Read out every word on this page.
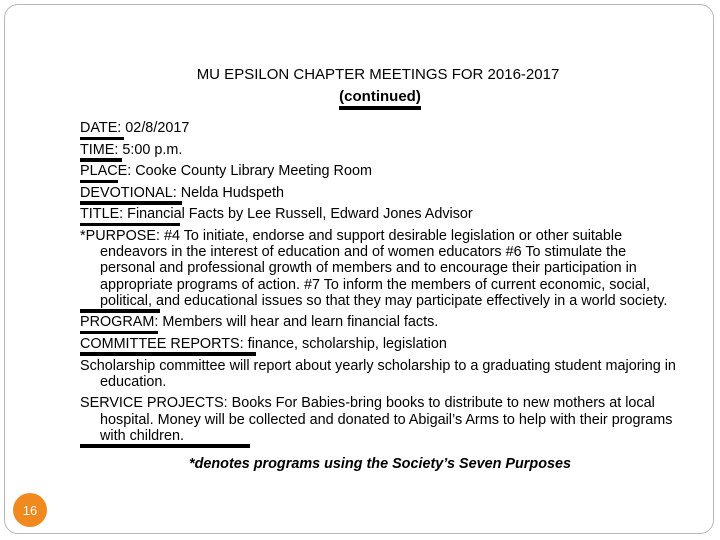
MU EPSILON CHAPTER MEETINGS FOR 2016-2017
(continued)

DATE: 02/8/2017

TIME: 5:00 p.m.

PLACE: Cooke County Library Meeting Room

DEVOTIONAL: Nelda Hudspeth

TITLE: Financial Facts by Lee Russell, Edward Jones Advisor

*PURPOSE: #4 To initiate, endorse and support desirable legislation or other suitable endeavors in the interest of education and of women educators #6 To stimulate the personal and professional growth of members and to encourage their participation in appropriate programs of action. #7 To inform the members of current economic, social, political, and educational issues so that they may participate effectively in a world society.

PROGRAM: Members will hear and learn financial facts.

COMMITTEE REPORTS: finance, scholarship, legislation

Scholarship committee will report about yearly scholarship to a graduating student majoring in education.

SERVICE PROJECTS: Books For Babies-bring books to distribute to new mothers at local hospital. Money will be collected and donated to Abigail’s Arms to help with their programs with children.

*denotes programs using the Society’s Seven Purposes
16
